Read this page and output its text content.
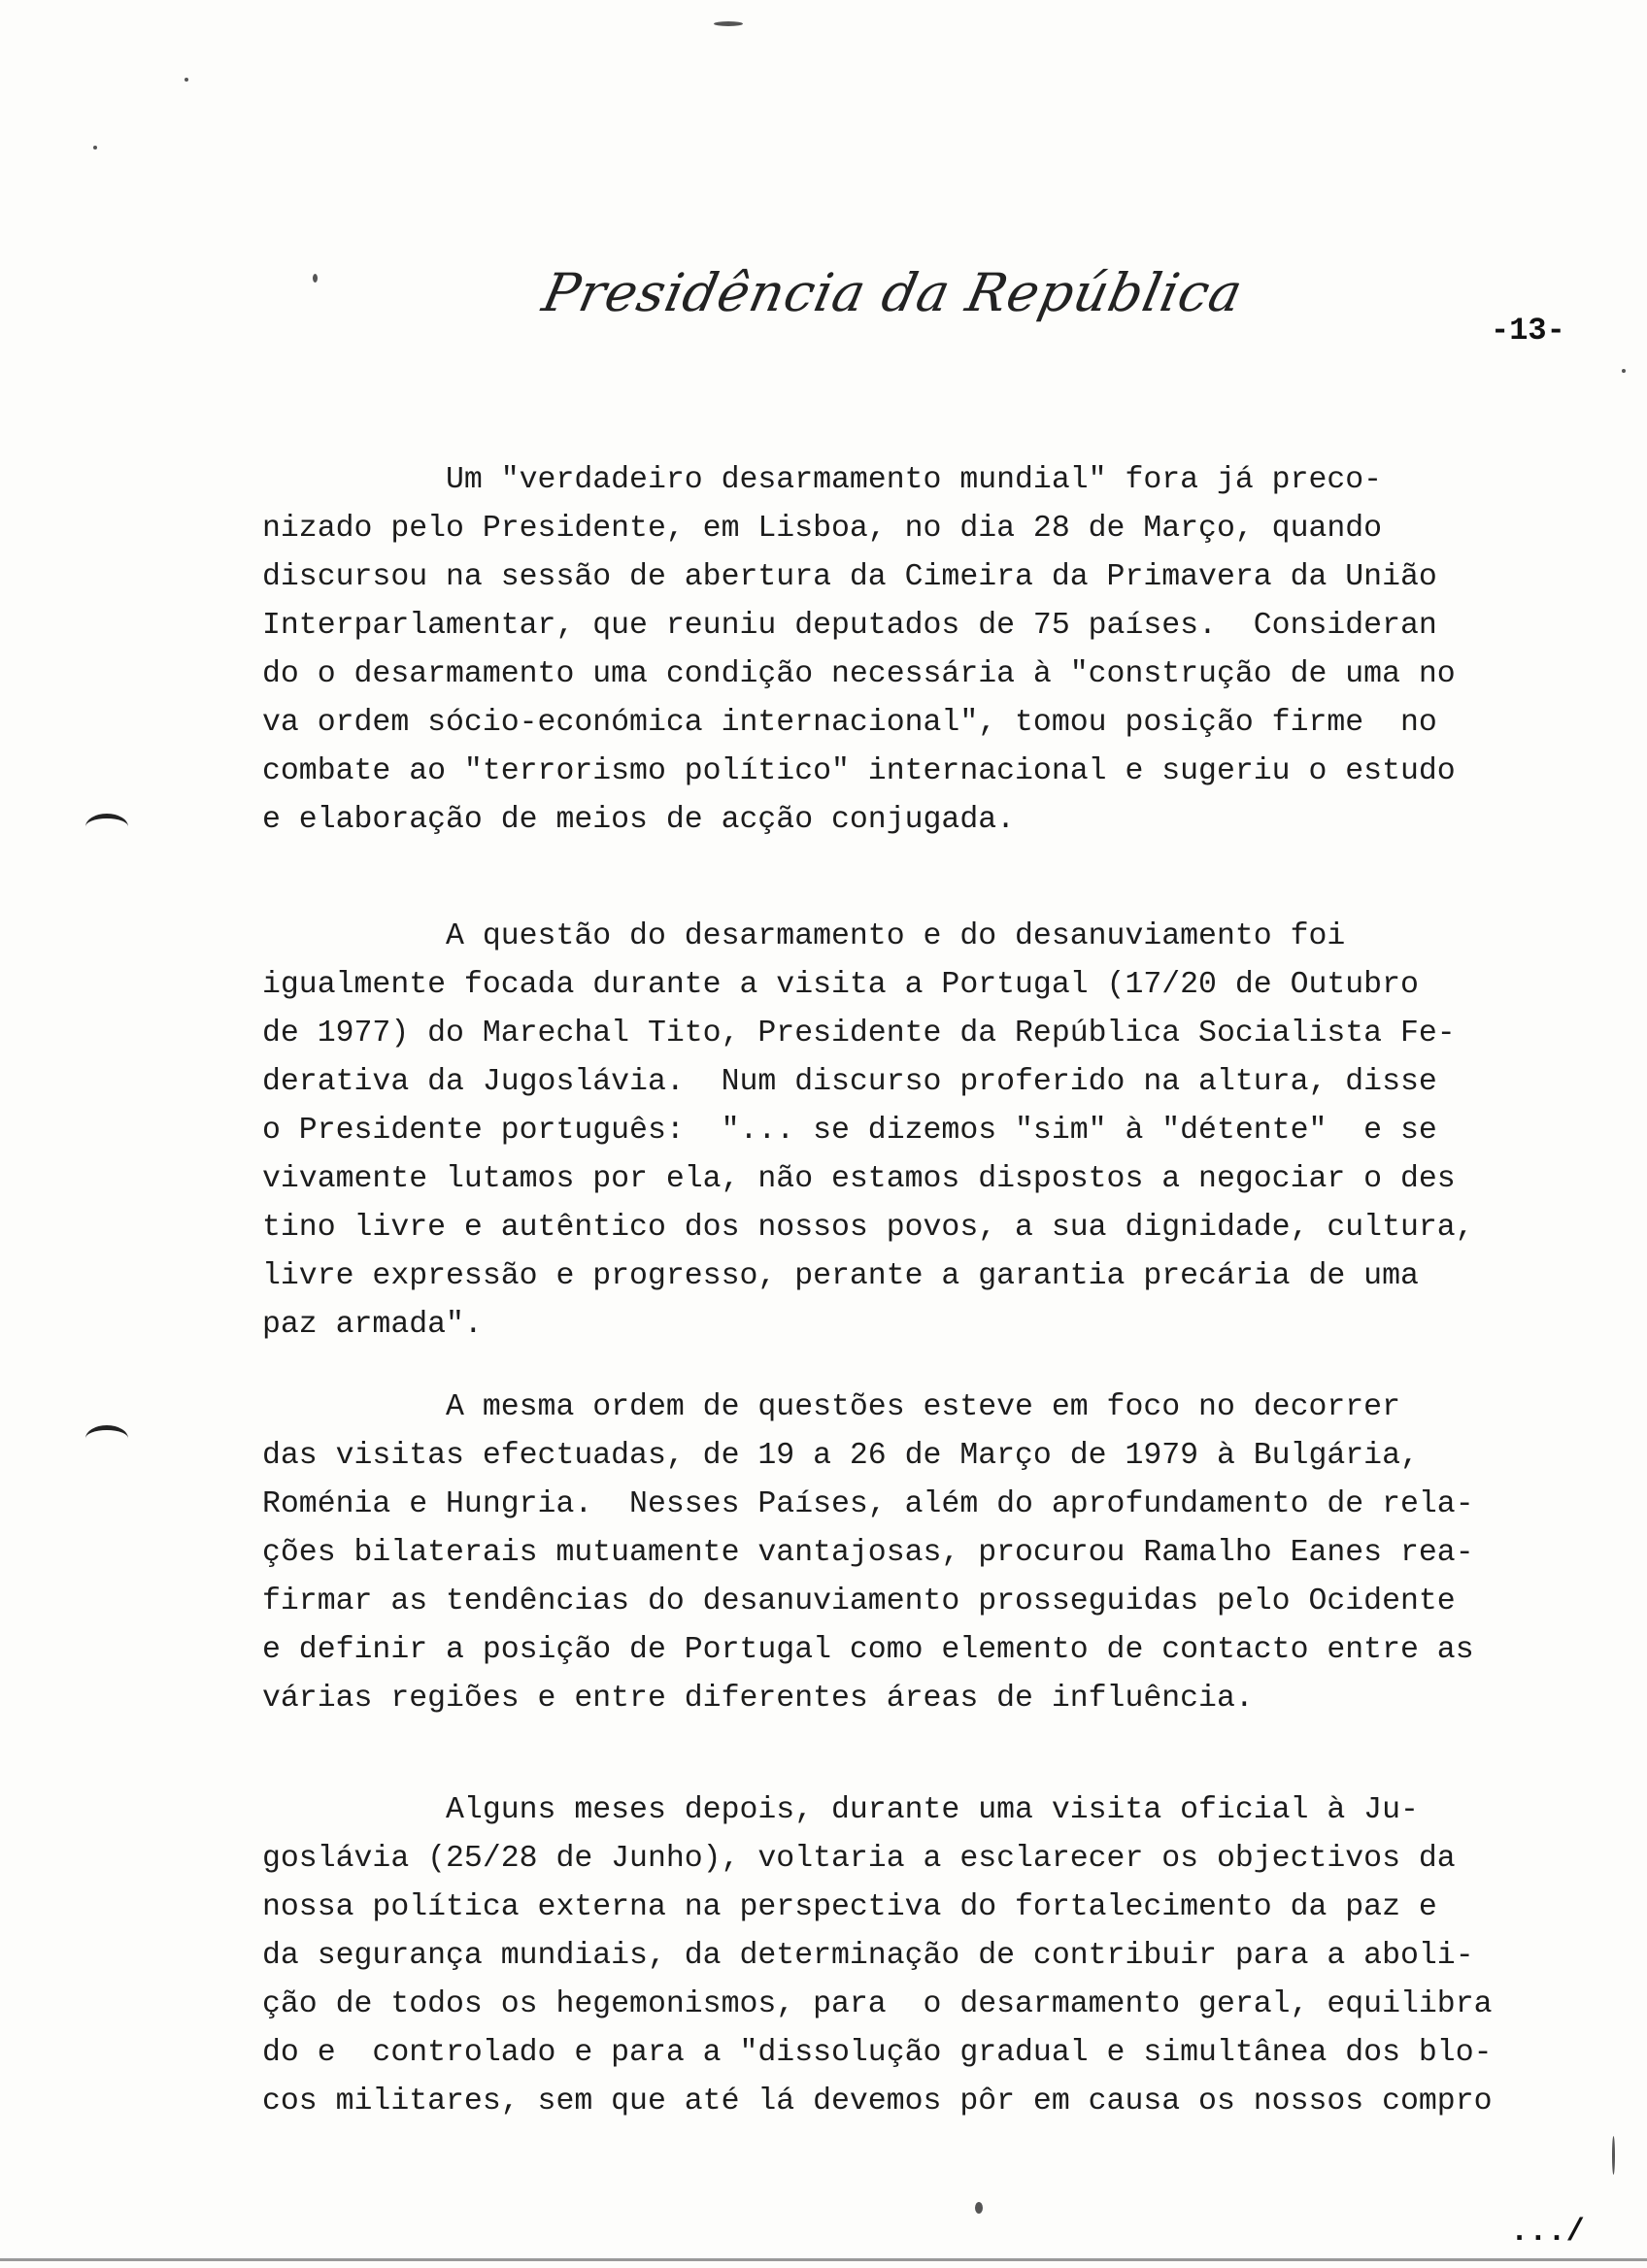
Presidência da República
-13-

Um "verdadeiro desarmamento mundial" fora já preco-

nizado pelo Presidente, em Lisboa, no dia 28 de Março, quando

discursou na sessão de abertura da Cimeira da Primavera da União

Interparlamentar, que reuniu deputados de 75 países.  Consideran

do o desarmamento uma condição necessária à "construção de uma no

va ordem sócio-económica internacional", tomou posição firme  no

combate ao "terrorismo político" internacional e sugeriu o estudo

e elaboração de meios de acção conjugada.

A questão do desarmamento e do desanuviamento foi

igualmente focada durante a visita a Portugal (17/20 de Outubro

de 1977) do Marechal Tito, Presidente da República Socialista Fe-

derativa da Jugoslávia.  Num discurso proferido na altura, disse

o Presidente português:  "... se dizemos "sim" à "détente"  e se

vivamente lutamos por ela, não estamos dispostos a negociar o des

tino livre e autêntico dos nossos povos, a sua dignidade, cultura,

livre expressão e progresso, perante a garantia precária de uma

paz armada".

A mesma ordem de questões esteve em foco no decorrer

das visitas efectuadas, de 19 a 26 de Março de 1979 à Bulgária,

Roménia e Hungria.  Nesses Países, além do aprofundamento de rela-

ções bilaterais mutuamente vantajosas, procurou Ramalho Eanes rea-

firmar as tendências do desanuviamento prosseguidas pelo Ocidente

e definir a posição de Portugal como elemento de contacto entre as

várias regiões e entre diferentes áreas de influência.

Alguns meses depois, durante uma visita oficial à Ju-

goslávia (25/28 de Junho), voltaria a esclarecer os objectivos da

nossa política externa na perspectiva do fortalecimento da paz e

da segurança mundiais, da determinação de contribuir para a aboli-

ção de todos os hegemonismos, para  o desarmamento geral, equilibra

do e  controlado e para a "dissolução gradual e simultânea dos blo-

cos militares, sem que até lá devemos pôr em causa os nossos compro

.../
